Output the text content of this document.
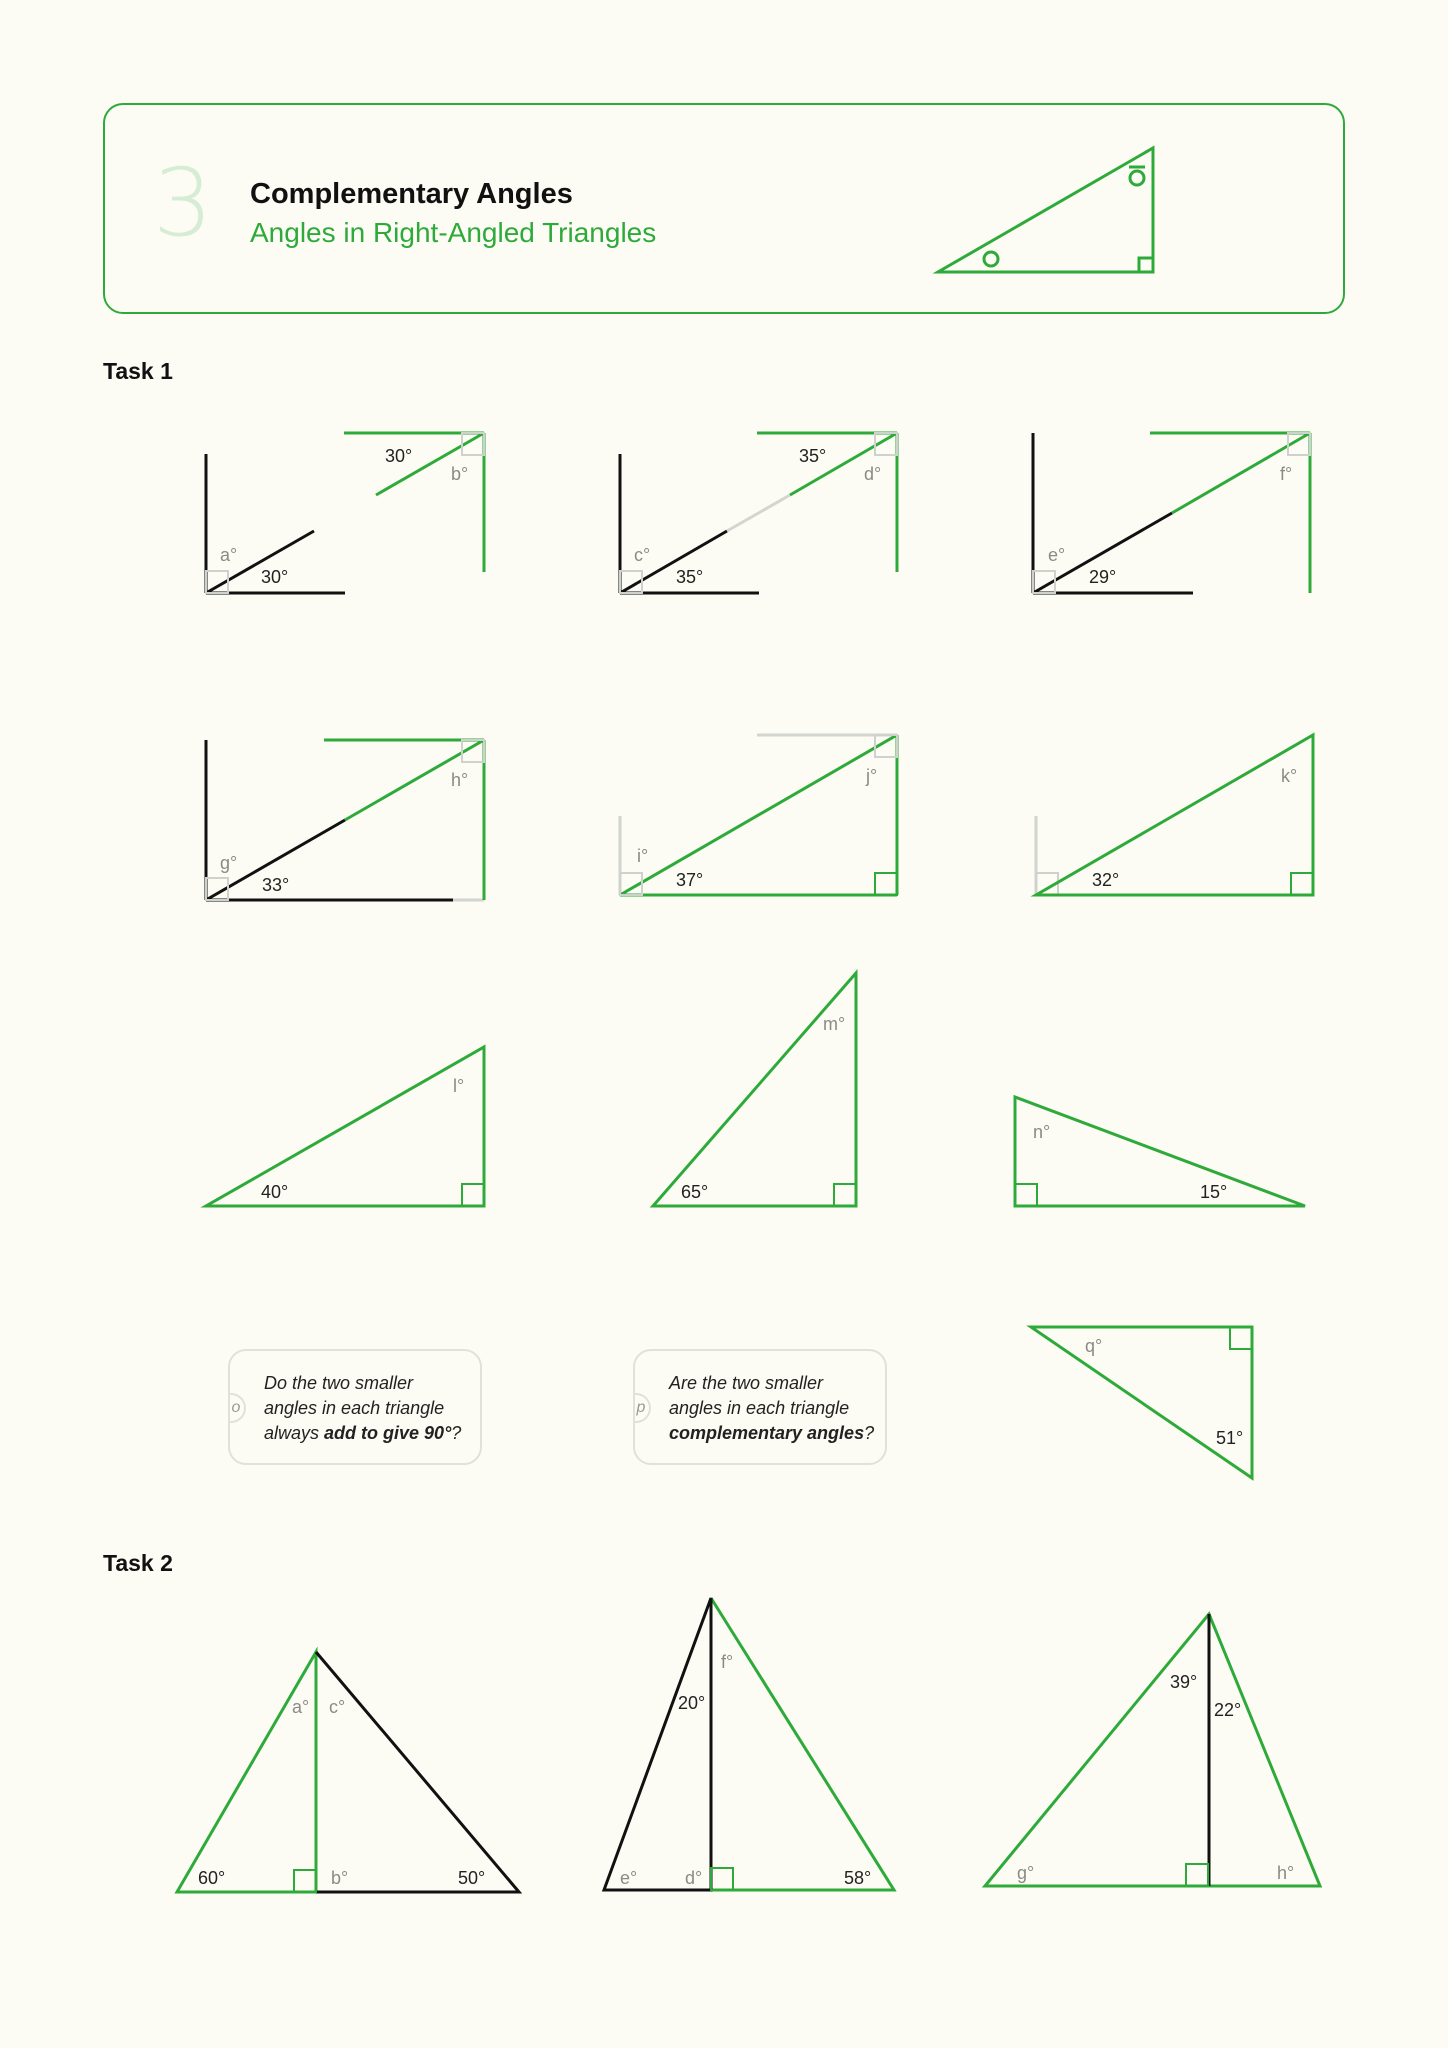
3 Complementary Angles
Angles in Right-Angled Triangles
Task 1
Task 2
a°
b°
30°
30°
c°
d°
35°
35°
e°
f°
29°
g°
h°
33°
i°
j°
37°
k°
32°
l°
40°
m°
65°
n°
15°
q°
51°
a° c°
60°	b°	50°
f°
20°
e°	d°	58°
39°
22°
g°	h°
o
Do the two smaller
angles in each triangle
always add to give 90°?
p
Are the two smaller
angles in each triangle
complementary angles?
